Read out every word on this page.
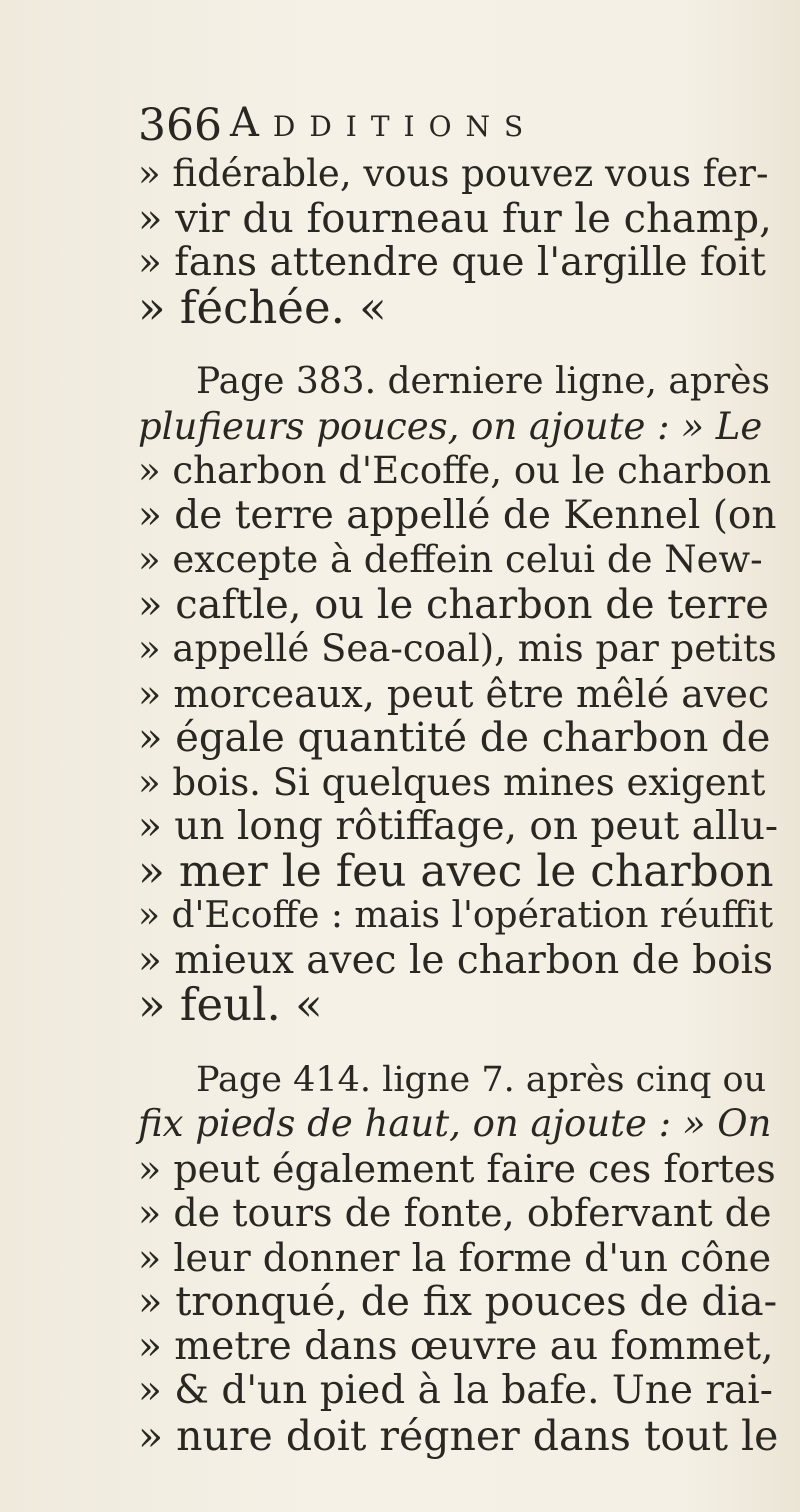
366 Additions
» fidérable, vous pouvez vous fer-
» vir du fourneau fur le champ,
» fans attendre que l'argille foit
» féchée. «
Page 383. derniere ligne, après
plufieurs pouces, on ajoute : » Le
» charbon d'Ecoffe, ou le charbon
» de terre appellé de Kennel (on
» excepte à deffein celui de New-
» caftle, ou le charbon de terre
» appellé Sea-coal), mis par petits
» morceaux, peut être mêlé avec
» égale quantité de charbon de
» bois. Si quelques mines exigent
» un long rôtiffage, on peut allu-
» mer le feu avec le charbon
» d'Ecoffe : mais l'opération réuffit
» mieux avec le charbon de bois
» feul. «
Page 414. ligne 7. après cinq ou
fix pieds de haut, on ajoute : » On
» peut également faire ces fortes
» de tours de fonte, obfervant de
» leur donner la forme d'un cône
» tronqué, de fix pouces de dia-
» metre dans œuvre au fommet,
» & d'un pied à la bafe. Une rai-
» nure doit régner dans tout le
